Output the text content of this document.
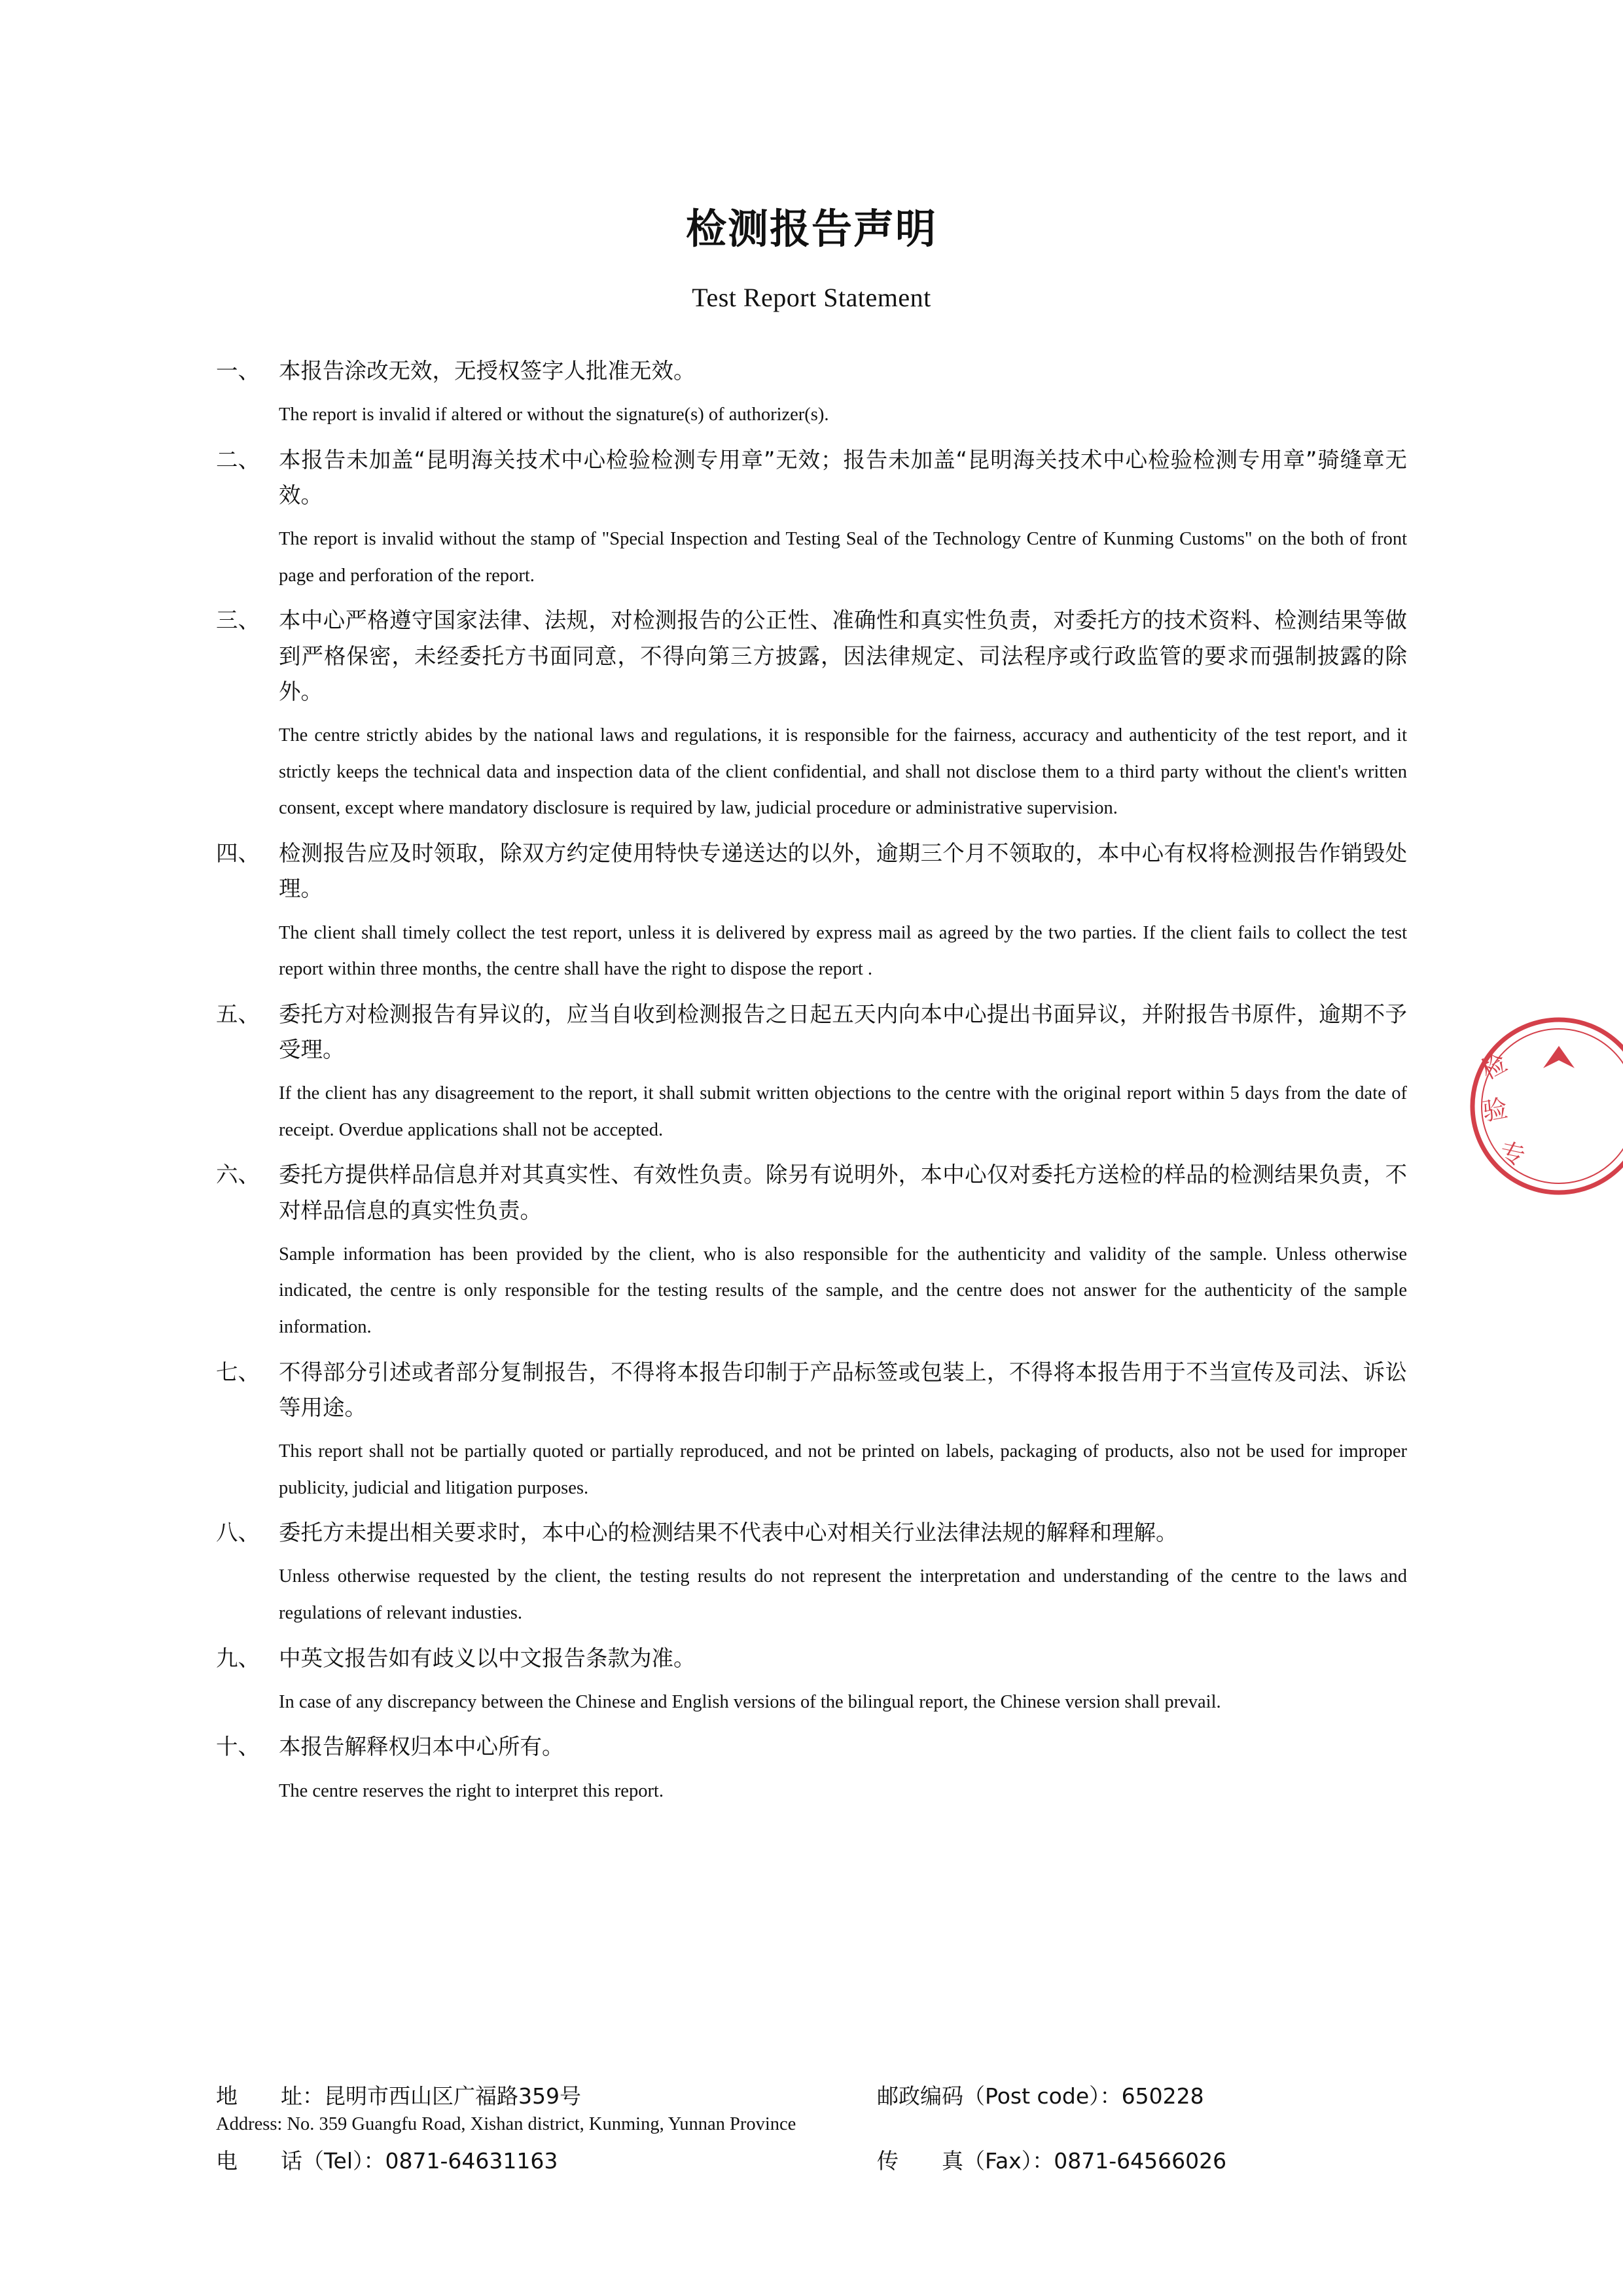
检测报告声明
Test Report Statement
一、 本报告涂改无效，无授权签字人批准无效。
The report is invalid if altered or without the signature(s) of authorizer(s).
二、 本报告未加盖“昆明海关技术中心检验检测专用章”无效；报告未加盖“昆明海关技术中心检验检测专用章”骑缝章无效。
The report is invalid without the stamp of "Special Inspection and Testing Seal of the Technology Centre of Kunming Customs" on the both of front page and perforation of the report.
三、 本中心严格遵守国家法律、法规，对检测报告的公正性、准确性和真实性负责，对委托方的技术资料、检测结果等做到严格保密，未经委托方书面同意，不得向第三方披露，因法律规定、司法程序或行政监管的要求而强制披露的除外。
The centre strictly abides by the national laws and regulations, it is responsible for the fairness, accuracy and authenticity of the test report, and it strictly keeps the technical data and inspection data of the client confidential, and shall not disclose them to a third party without the client's written consent, except where mandatory disclosure is required by law, judicial procedure or administrative supervision.
四、 检测报告应及时领取，除双方约定使用特快专递送达的以外，逾期三个月不领取的，本中心有权将检测报告作销毁处理。
The client shall timely collect the test report, unless it is delivered by express mail as agreed by the two parties. If the client fails to collect the test report within three months, the centre shall have the right to dispose the report .
五、 委托方对检测报告有异议的，应当自收到检测报告之日起五天内向本中心提出书面异议，并附报告书原件，逾期不予受理。
If the client has any disagreement to the report, it shall submit written objections to the centre with the original report within 5 days from the date of receipt. Overdue applications shall not be accepted.
六、 委托方提供样品信息并对其真实性、有效性负责。除另有说明外，本中心仅对委托方送检的样品的检测结果负责，不对样品信息的真实性负责。
Sample information has been provided by the client, who is also responsible for the authenticity and validity of the sample. Unless otherwise indicated, the centre is only responsible for the testing results of the sample, and the centre does not answer for the authenticity of the sample information.
七、 不得部分引述或者部分复制报告，不得将本报告印制于产品标签或包装上，不得将本报告用于不当宣传及司法、诉讼等用途。
This report shall not be partially quoted or partially reproduced, and not be printed on labels, packaging of products, also not be used for improper publicity, judicial and litigation purposes.
八、 委托方未提出相关要求时，本中心的检测结果不代表中心对相关行业法律法规的解释和理解。
Unless otherwise requested by the client, the testing results do not represent the interpretation and understanding of the centre to the laws and regulations of relevant industies.
九、 中英文报告如有歧义以中文报告条款为准。
In case of any discrepancy between the Chinese and English versions of the bilingual report, the Chinese version shall prevail.
十、 本报告解释权归本中心所有。
The centre reserves the right to interpret this report.
检
验
专
地　　址：昆明市西山区广福路359号	邮政编码（Post code）：650228
Address: No. 359 Guangfu Road, Xishan district, Kunming, Yunnan Province
电　　话（Tel）：0871-64631163	传　　真（Fax）：0871-64566026
